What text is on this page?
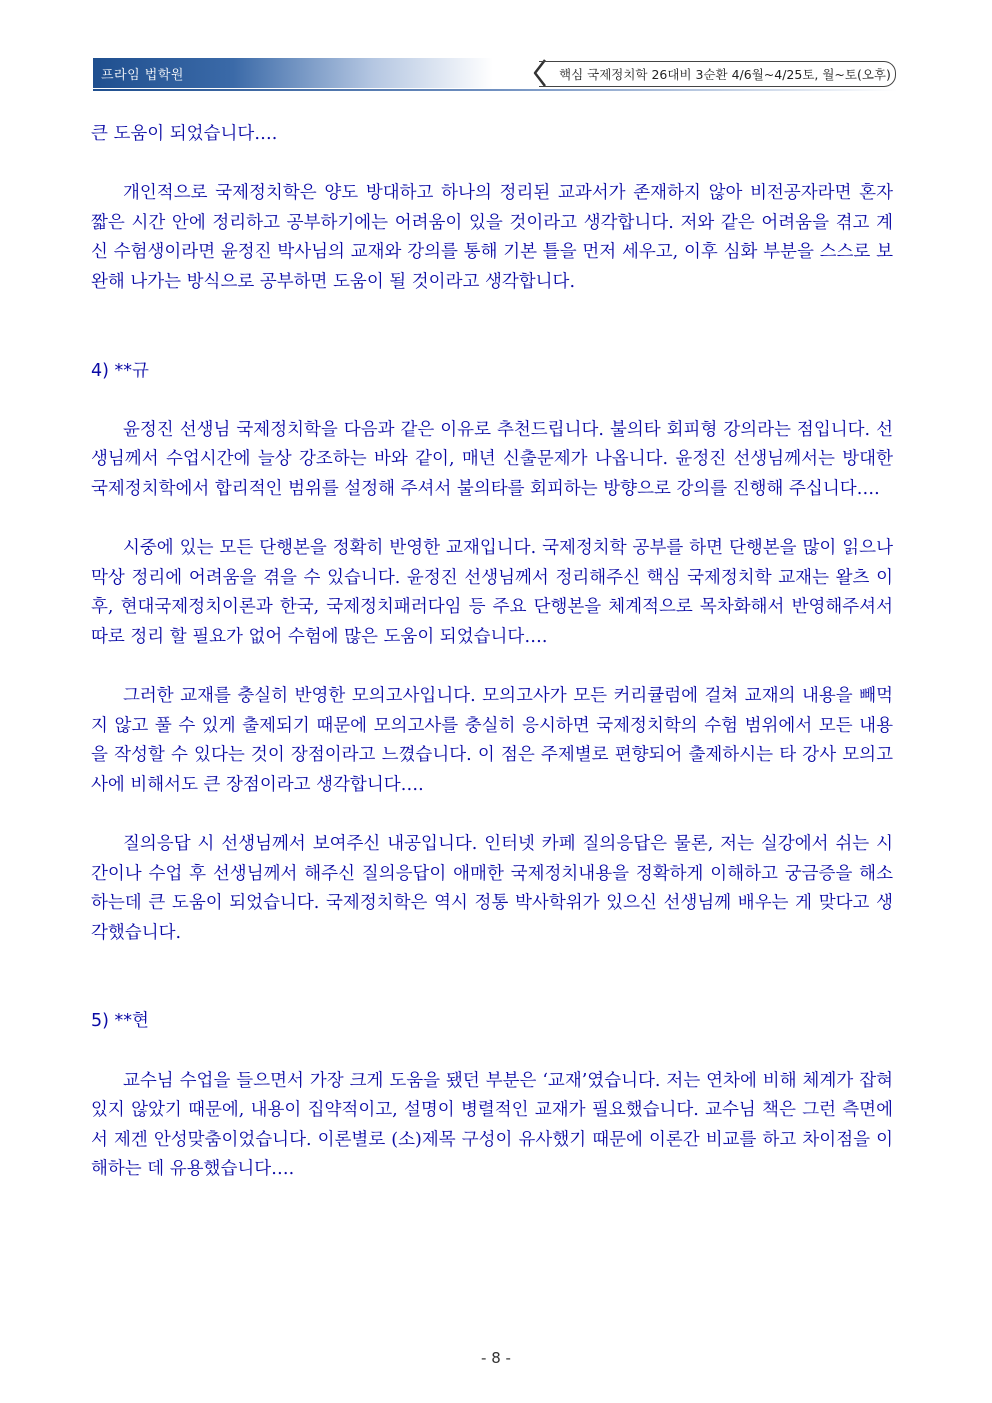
프라임 법학원	핵심 국제정치학 26대비 3순환 4/6월~4/25토, 월~토(오후)

큰 도움이 되었습니다….

개인적으로 국제정치학은 양도 방대하고 하나의 정리된 교과서가 존재하지 않아 비전공자라면 혼자 짧은 시간 안에 정리하고 공부하기에는 어려움이 있을 것이라고 생각합니다. 저와 같은 어려움을 겪고 계신 수험생이라면 윤정진 박사님의 교재와 강의를 통해 기본 틀을 먼저 세우고, 이후 심화 부분을 스스로 보완해 나가는 방식으로 공부하면 도움이 될 것이라고 생각합니다.

4) **규

윤정진 선생님 국제정치학을 다음과 같은 이유로 추천드립니다. 불의타 회피형 강의라는 점입니다. 선생님께서 수업시간에 늘상 강조하는 바와 같이, 매년 신출문제가 나옵니다. 윤정진 선생님께서는 방대한 국제정치학에서 합리적인 범위를 설정해 주셔서 불의타를 회피하는 방향으로 강의를 진행해 주십니다….

시중에 있는 모든 단행본을 정확히 반영한 교재입니다. 국제정치학 공부를 하면 단행본을 많이 읽으나 막상 정리에 어려움을 겪을 수 있습니다. 윤정진 선생님께서 정리해주신 핵심 국제정치학 교재는 왈츠 이후, 현대국제정치이론과 한국, 국제정치패러다임 등 주요 단행본을 체계적으로 목차화해서 반영해주셔서 따로 정리 할 필요가 없어 수험에 많은 도움이 되었습니다….

그러한 교재를 충실히 반영한 모의고사입니다. 모의고사가 모든 커리큘럼에 걸쳐 교재의 내용을 빼먹지 않고 풀 수 있게 출제되기 때문에 모의고사를 충실히 응시하면 국제정치학의 수험 범위에서 모든 내용을 작성할 수 있다는 것이 장점이라고 느꼈습니다. 이 점은 주제별로 편향되어 출제하시는 타 강사 모의고사에 비해서도 큰 장점이라고 생각합니다….

질의응답 시 선생님께서 보여주신 내공입니다. 인터넷 카페 질의응답은 물론, 저는 실강에서 쉬는 시간이나 수업 후 선생님께서 해주신 질의응답이 애매한 국제정치내용을 정확하게 이해하고 궁금증을 해소하는데 큰 도움이 되었습니다. 국제정치학은 역시 정통 박사학위가 있으신 선생님께 배우는 게 맞다고 생각했습니다.

5) **현

교수님 수업을 들으면서 가장 크게 도움을 됐던 부분은 ‘교재’였습니다. 저는 연차에 비해 체계가 잡혀있지 않았기 때문에, 내용이 집약적이고, 설명이 병렬적인 교재가 필요했습니다. 교수님 책은 그런 측면에서 제겐 안성맞춤이었습니다. 이론별로 (소)제목 구성이 유사했기 때문에 이론간 비교를 하고 차이점을 이해하는 데 유용했습니다….

- 8 -
